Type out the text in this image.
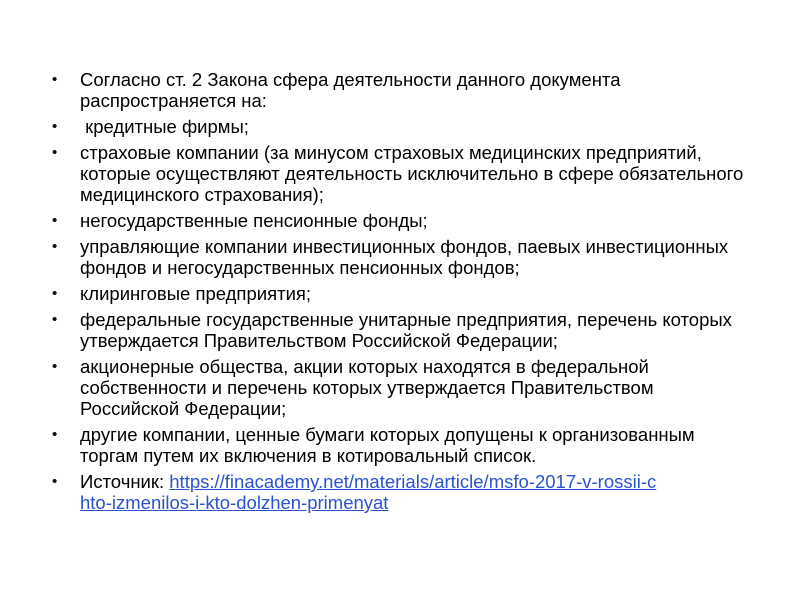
• Согласно ст. 2 Закона сфера деятельности данного документа распространяется на:
• кредитные фирмы;
• страховые компании (за минусом страховых медицинских предприятий, которые осуществляют деятельность исключительно в сфере обязательного медицинского страхования);
• негосударственные пенсионные фонды;
• управляющие компании инвестиционных фондов, паевых инвестиционных фондов и негосударственных пенсионных фондов;
• клиринговые предприятия;
• федеральные государственные унитарные предприятия, перечень которых утверждается Правительством Российской Федерации;
• акционерные общества, акции которых находятся в федеральной собственности и перечень которых утверждается Правительством Российской Федерации;
• другие компании, ценные бумаги которых допущены к организованным торгам путем их включения в котировальный список.
• Источник: https://finacademy.net/materials/article/msfo-2017-v-rossii-c
hto-izmenilos-i-kto-dolzhen-primenyat
